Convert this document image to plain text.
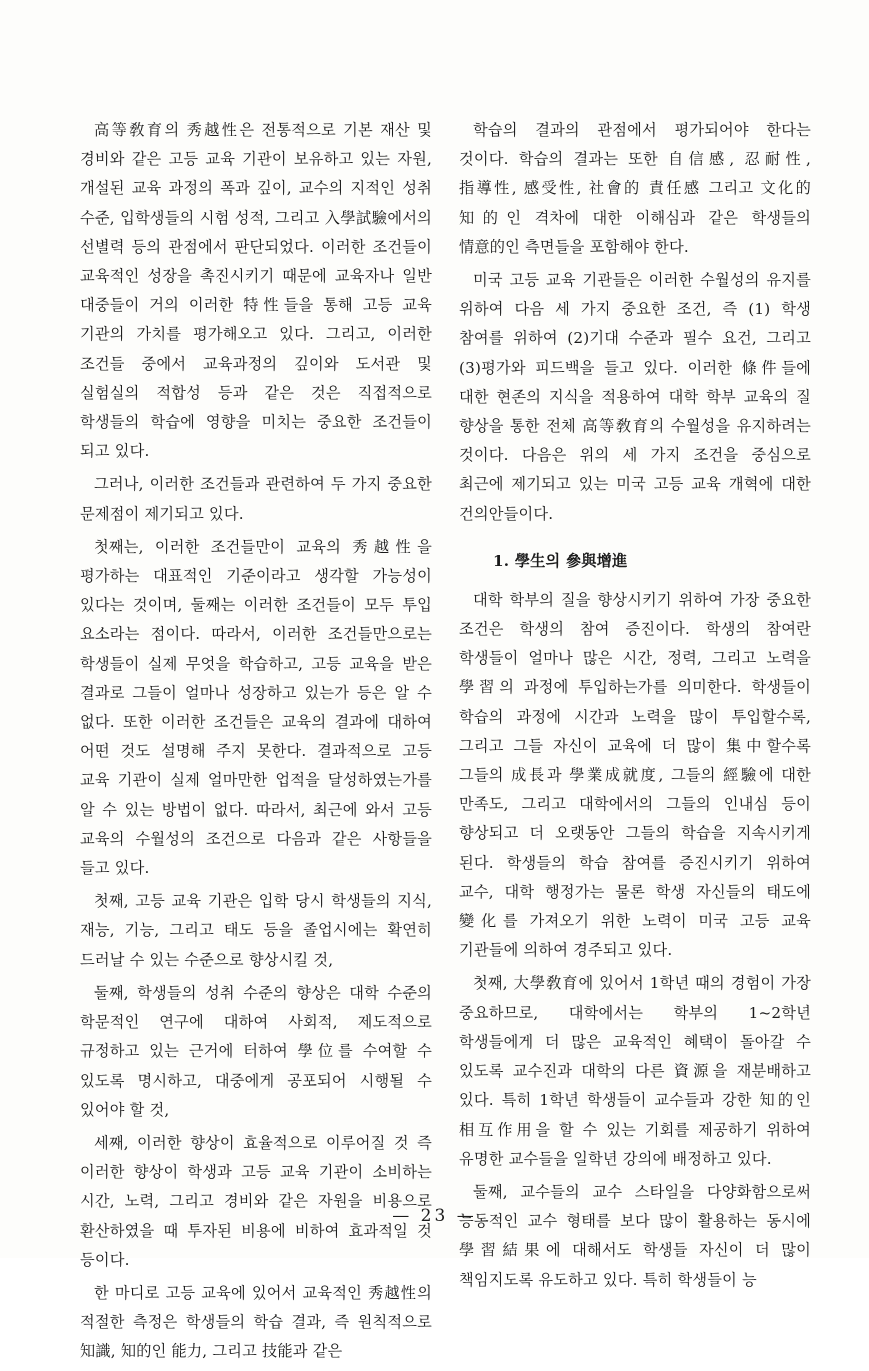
高等敎育의 秀越性은 전통적으로 기본 재산 및 경비와 같은 고등 교육 기관이 보유하고 있는 자원, 개설된 교육 과정의 폭과 깊이, 교수의 지적인 성취 수준, 입학생들의 시험 성적, 그리고 入學試驗에서의 선별력 등의 관점에서 판단되었다. 이러한 조건들이 교육적인 성장을 촉진시키기 때문에 교육자나 일반 대중들이 거의 이러한 特性들을 통해 고등 교육 기관의 가치를 평가해오고 있다. 그리고, 이러한 조건들 중에서 교육과정의 깊이와 도서관 및 실험실의 적합성 등과 같은 것은 직접적으로 학생들의 학습에 영향을 미치는 중요한 조건들이 되고 있다.

그러나, 이러한 조건들과 관련하여 두 가지 중요한 문제점이 제기되고 있다.

첫째는, 이러한 조건들만이 교육의 秀越性을 평가하는 대표적인 기준이라고 생각할 가능성이 있다는 것이며, 둘째는 이러한 조건들이 모두 투입 요소라는 점이다. 따라서, 이러한 조건들만으로는 학생들이 실제 무엇을 학습하고, 고등 교육을 받은 결과로 그들이 얼마나 성장하고 있는가 등은 알 수 없다. 또한 이러한 조건들은 교육의 결과에 대하여 어떤 것도 설명해 주지 못한다. 결과적으로 고등 교육 기관이 실제 얼마만한 업적을 달성하였는가를 알 수 있는 방법이 없다. 따라서, 최근에 와서 고등 교육의 수월성의 조건으로 다음과 같은 사항들을 들고 있다.

첫째, 고등 교육 기관은 입학 당시 학생들의 지식, 재능, 기능, 그리고 태도 등을 졸업시에는 확연히 드러날 수 있는 수준으로 향상시킬 것,

둘째, 학생들의 성취 수준의 향상은 대학 수준의 학문적인 연구에 대하여 사회적, 제도적으로 규정하고 있는 근거에 터하여 學位를 수여할 수 있도록 명시하고, 대중에게 공포되어 시행될 수 있어야 할 것,

세째, 이러한 향상이 효율적으로 이루어질 것 즉 이러한 향상이 학생과 고등 교육 기관이 소비하는 시간, 노력, 그리고 경비와 같은 자원을 비용으로 환산하였을 때 투자된 비용에 비하여 효과적일 것 등이다.

한 마디로 고등 교육에 있어서 교육적인 秀越性의 적절한 측정은 학생들의 학습 결과, 즉 원칙적으로 知識, 知的인 能力, 그리고 技能과 같은

학습의 결과의 관점에서 평가되어야 한다는 것이다. 학습의 결과는 또한 自信感, 忍耐性, 指導性, 感受性, 社會的 責任感 그리고 文化的 知的인 격차에 대한 이해심과 같은 학생들의 情意的인 측면들을 포함해야 한다.

미국 고등 교육 기관들은 이러한 수월성의 유지를 위하여 다음 세 가지 중요한 조건, 즉 (1) 학생 참여를 위하여 (2)기대 수준과 필수 요건, 그리고 (3)평가와 피드백을 들고 있다. 이러한 條件들에 대한 현존의 지식을 적용하여 대학 학부 교육의 질 향상을 통한 전체 高等敎育의 수월성을 유지하려는 것이다. 다음은 위의 세 가지 조건을 중심으로 최근에 제기되고 있는 미국 고등 교육 개혁에 대한 건의안들이다.

1. 學生의 參與增進

대학 학부의 질을 향상시키기 위하여 가장 중요한 조건은 학생의 참여 증진이다. 학생의 참여란 학생들이 얼마나 많은 시간, 정력, 그리고 노력을 學習의 과정에 투입하는가를 의미한다. 학생들이 학습의 과정에 시간과 노력을 많이 투입할수록, 그리고 그들 자신이 교육에 더 많이 集中할수록 그들의 成長과 學業成就度, 그들의 經驗에 대한 만족도, 그리고 대학에서의 그들의 인내심 등이 향상되고 더 오랫동안 그들의 학습을 지속시키게 된다. 학생들의 학습 참여를 증진시키기 위하여 교수, 대학 행정가는 물론 학생 자신들의 태도에 變化를 가져오기 위한 노력이 미국 고등 교육 기관들에 의하여 경주되고 있다.

첫째, 大學敎育에 있어서 1학년 때의 경험이 가장 중요하므로, 대학에서는 학부의 1~2학년 학생들에게 더 많은 교육적인 혜택이 돌아갈 수 있도록 교수진과 대학의 다른 資源을 재분배하고 있다. 특히 1학년 학생들이 교수들과 강한 知的인 相互作用을 할 수 있는 기회를 제공하기 위하여 유명한 교수들을 일학년 강의에 배정하고 있다.

둘째, 교수들의 교수 스타일을 다양화함으로써 능동적인 교수 형태를 보다 많이 활용하는 동시에 學習結果에 대해서도 학생들 자신이 더 많이 책임지도록 유도하고 있다. 특히 학생들이 능

— 23 —
